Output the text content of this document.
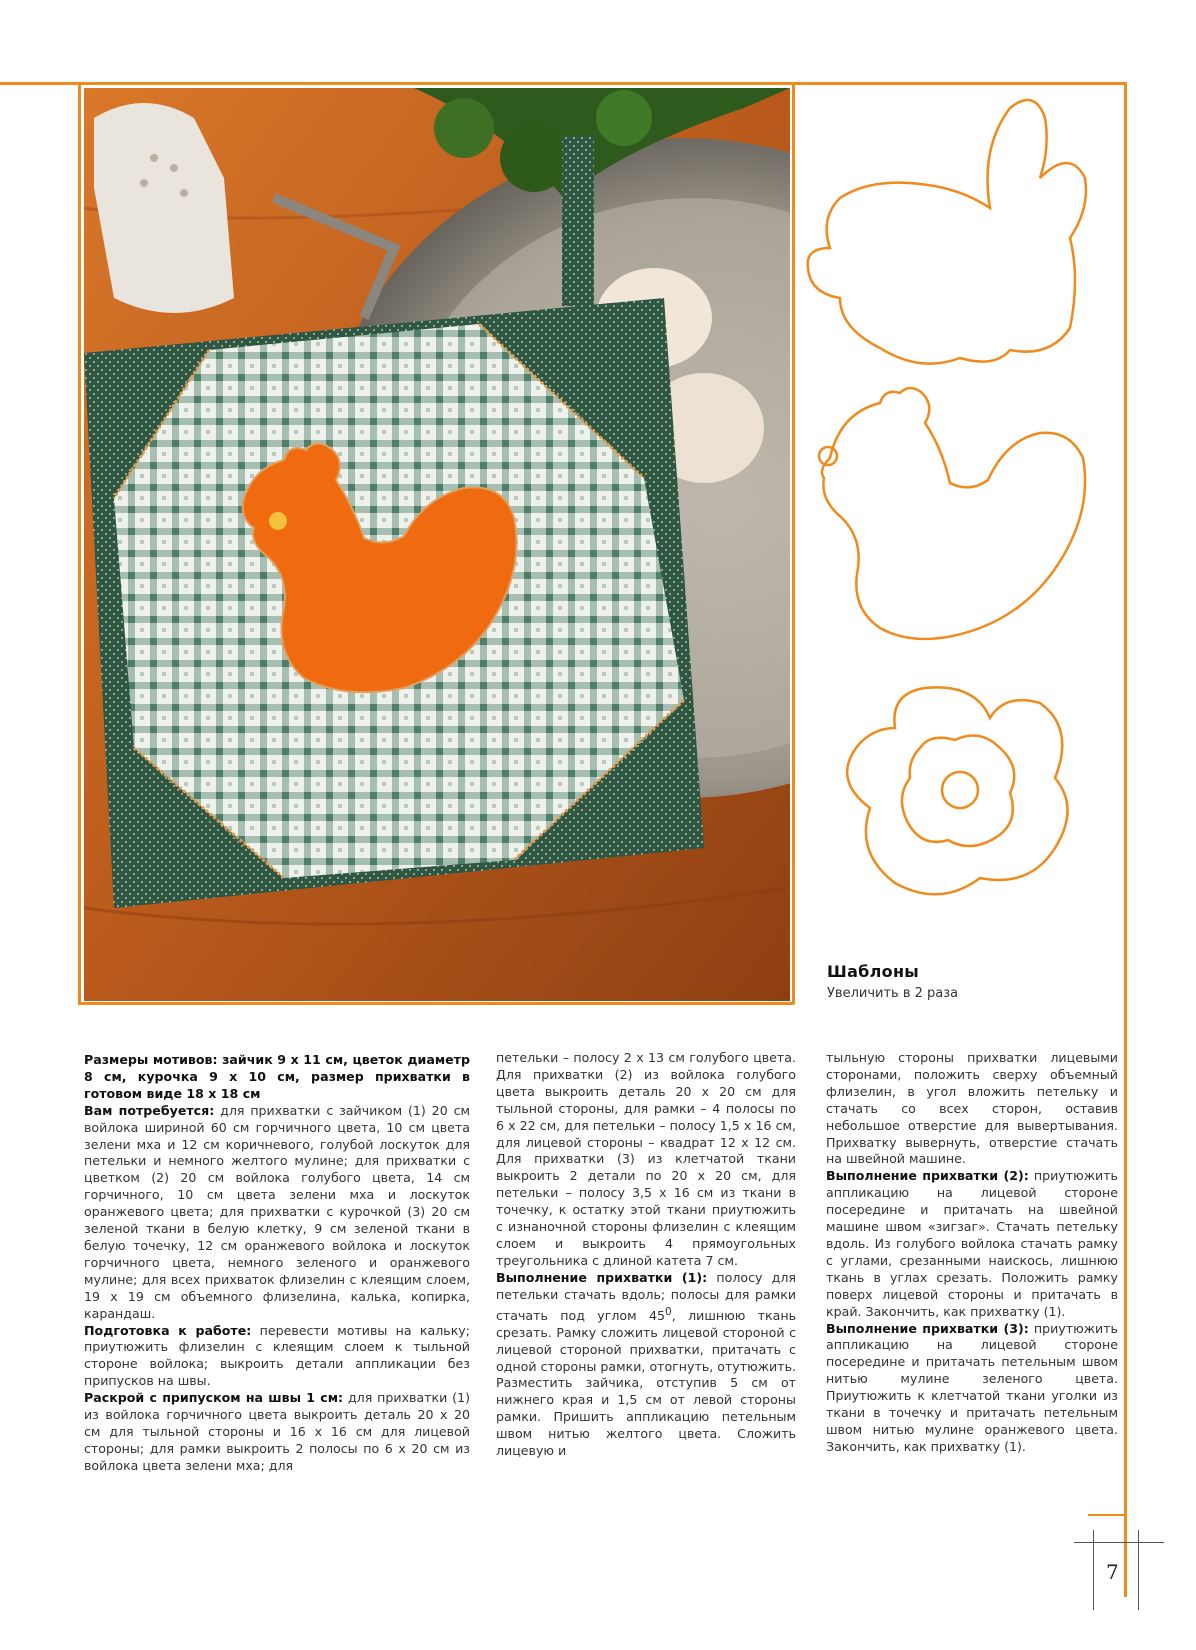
Шаблоны
Увеличить в 2 раза

Размеры мотивов: зайчик 9 х 11 см, цветок диаметр 8 см, курочка 9 х 10 см, размер прихватки в готовом виде 18 х 18 см

Вам потребуется: для прихватки с зайчиком (1) 20 см войлока шириной 60 см горчичного цвета, 10 см цвета зелени мха и 12 см коричневого, голубой лоскуток для петельки и немного желтого мулине; для прихватки с цветком (2) 20 см войлока голубого цвета, 14 см горчичного, 10 см цвета зелени мха и лоскуток оранжевого цвета; для прихватки с курочкой (3) 20 см зеленой ткани в белую клетку, 9 см зеленой ткани в белую точечку, 12 см оранжевого войлока и лоскуток горчичного цвета, немного зеленого и оранжевого мулине; для всех прихваток флизелин с клеящим слоем, 19 х 19 см объемного флизелина, калька, копирка, карандаш.

Подготовка к работе: перевести мотивы на кальку; приутюжить флизелин с клеящим слоем к тыльной стороне войлока; выкроить детали аппликации без припусков на швы.

Раскрой с припуском на швы 1 см: для прихватки (1) из войлока горчичного цвета выкроить деталь 20 х 20 см для тыльной стороны и 16 х 16 см для лицевой стороны; для рамки выкроить 2 полосы по 6 х 20 см из войлока цвета зелени мха; для

петельки – полосу 2 х 13 см голубого цвета. Для прихватки (2) из войлока голубого цвета выкроить деталь 20 х 20 см для тыльной стороны, для рамки – 4 полосы по 6 х 22 см, для петельки – полосу 1,5 х 16 см, для лицевой стороны – квадрат 12 х 12 см. Для прихватки (3) из клетчатой ткани выкроить 2 детали по 20 х 20 см, для петельки – полосу 3,5 х 16 см из ткани в точечку, к остатку этой ткани приутюжить с изнаночной стороны флизелин с клеящим слоем и выкроить 4 прямоугольных треугольника с длиной катета 7 см.

Выполнение прихватки (1): полосу для петельки стачать вдоль; полосы для рамки стачать под углом $45^0$, лишнюю ткань срезать. Рамку сложить лицевой стороной с лицевой стороной прихватки, притачать с одной стороны рамки, отогнуть, отутюжить. Разместить зайчика, отступив 5 см от нижнего края и 1,5 см от левой стороны рамки. Пришить аппликацию петельным швом нитью желтого цвета. Сложить лицевую и

тыльную стороны прихватки лицевыми сторонами, положить сверху объемный флизелин, в угол вложить петельку и стачать со всех сторон, оставив небольшое отверстие для вывертывания. Прихватку вывернуть, отверстие стачать на швейной машине.

Выполнение прихватки (2): приутюжить аппликацию на лицевой стороне посередине и притачать на швейной машине швом «зигзаг». Стачать петельку вдоль. Из голубого войлока стачать рамку с углами, срезанными наискось, лишнюю ткань в углах срезать. Положить рамку поверх лицевой стороны и притачать в край. Закончить, как прихватку (1).

Выполнение прихватки (3): приутюжить аппликацию на лицевой стороне посередине и притачать петельным швом нитью мулине зеленого цвета. Приутюжить к клетчатой ткани уголки из ткани в точечку и притачать петельным швом нитью мулине оранжевого цвета. Закончить, как прихватку (1).

7
